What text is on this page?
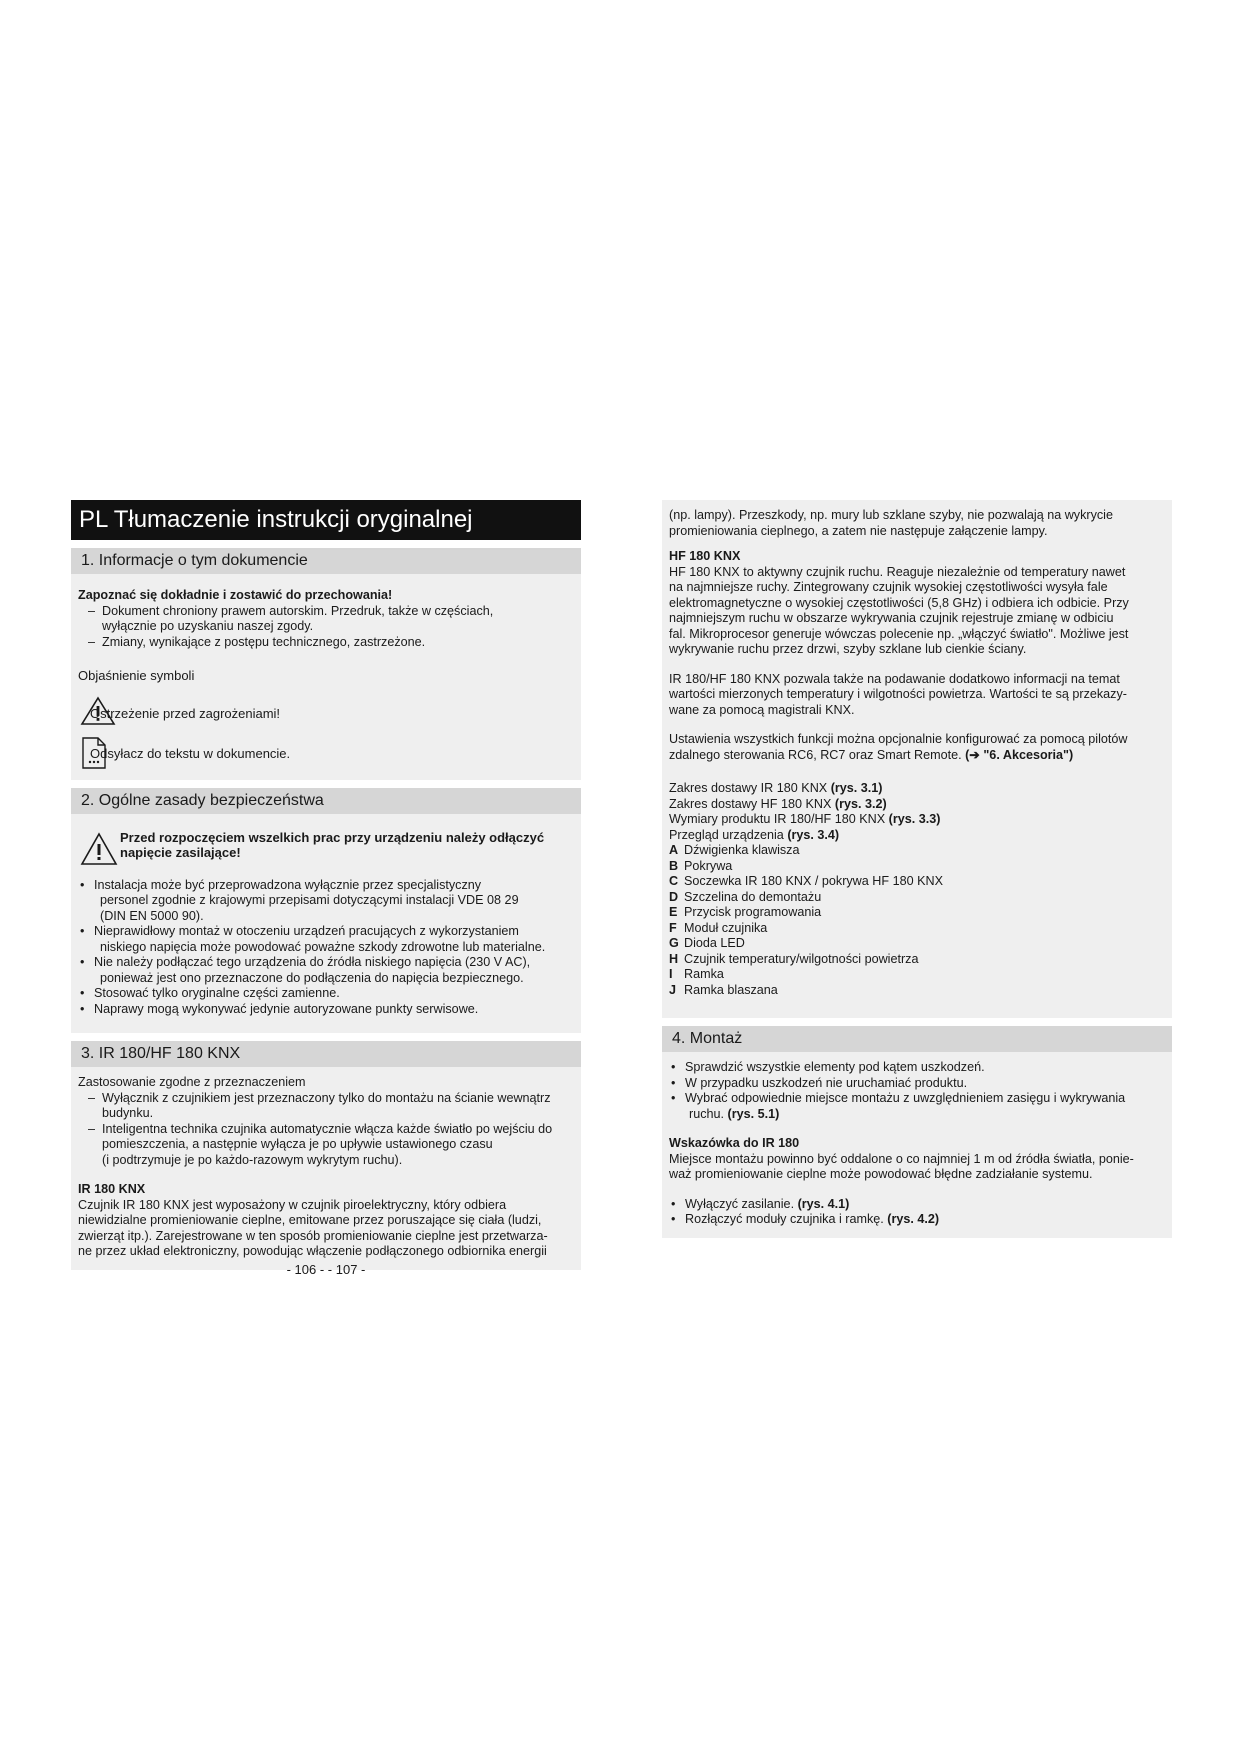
PL Tłumaczenie instrukcji oryginalnej
1. Informacje o tym dokumencie
Zapoznać się dokładnie i zostawić do przechowania!
– Dokument chroniony prawem autorskim. Przedruk, także w częściach,
wyłącznie po uzyskaniu naszej zgody.
– Zmiany, wynikające z postępu technicznego, zastrzeżone.
Objaśnienie symboli
Ostrzeżenie przed zagrożeniami!
Odsyłacz do tekstu w dokumencie.
2. Ogólne zasady bezpieczeństwa
Przed rozpoczęciem wszelkich prac przy urządzeniu należy odłączyć
napięcie zasilające!
• Instalacja może być przeprowadzona wyłącznie przez specjalistyczny
personel zgodnie z krajowymi przepisami dotyczącymi instalacji VDE 08 29
(DIN EN 5000 90).
• Nieprawidłowy montaż w otoczeniu urządzeń pracujących z wykorzystaniem
niskiego napięcia może powodować poważne szkody zdrowotne lub materialne.
• Nie należy podłączać tego urządzenia do źródła niskiego napięcia (230 V AC),
ponieważ jest ono przeznaczone do podłączenia do napięcia bezpiecznego.
• Stosować tylko oryginalne części zamienne.
• Naprawy mogą wykonywać jedynie autoryzowane punkty serwisowe.
3. IR 180/HF 180 KNX
Zastosowanie zgodne z przeznaczeniem
– Wyłącznik z czujnikiem jest przeznaczony tylko do montażu na ścianie wewnątrz
budynku.
– Inteligentna technika czujnika automatycznie włącza każde światło po wejściu do
pomieszczenia, a następnie wyłącza je po upływie ustawionego czasu
(i podtrzymuje je po każdo-razowym wykrytym ruchu).
IR 180 KNX
Czujnik IR 180 KNX jest wyposażony w czujnik piroelektryczny, który odbiera
niewidzialne promieniowanie cieplne, emitowane przez poruszające się ciała (ludzi,
zwierząt itp.). Zarejestrowane w ten sposób promieniowanie cieplne jest przetwarza-
ne przez układ elektroniczny, powodując włączenie podłączonego odbiornika energii
(np. lampy). Przeszkody, np. mury lub szklane szyby, nie pozwalają na wykrycie
promieniowania cieplnego, a zatem nie następuje załączenie lampy.
HF 180 KNX
HF 180 KNX to aktywny czujnik ruchu. Reaguje niezależnie od temperatury nawet
na najmniejsze ruchy. Zintegrowany czujnik wysokiej częstotliwości wysyła fale
elektromagnetyczne o wysokiej częstotliwości (5,8 GHz) i odbiera ich odbicie. Przy
najmniejszym ruchu w obszarze wykrywania czujnik rejestruje zmianę w odbiciu
fal. Mikroprocesor generuje wówczas polecenie np. „włączyć światło". Możliwe jest
wykrywanie ruchu przez drzwi, szyby szklane lub cienkie ściany.
IR 180/HF 180 KNX pozwala także na podawanie dodatkowo informacji na temat
wartości mierzonych temperatury i wilgotności powietrza. Wartości te są przekazy-
wane za pomocą magistrali KNX.
Ustawienia wszystkich funkcji można opcjonalnie konfigurować za pomocą pilotów
zdalnego sterowania RC6, RC7 oraz Smart Remote. (➔ "6. Akcesoria")
Zakres dostawy IR 180 KNX (rys. 3.1)
Zakres dostawy HF 180 KNX (rys. 3.2)
Wymiary produktu IR 180/HF 180 KNX (rys. 3.3)
Przegląd urządzenia (rys. 3.4)
A Dźwigienka klawisza
B Pokrywa
C Soczewka IR 180 KNX / pokrywa HF 180 KNX
D Szczelina do demontażu
E Przycisk programowania
F Moduł czujnika
G Dioda LED
H Czujnik temperatury/wilgotności powietrza
I Ramka
J Ramka blaszana
4. Montaż
• Sprawdzić wszystkie elementy pod kątem uszkodzeń.
• W przypadku uszkodzeń nie uruchamiać produktu.
• Wybrać odpowiednie miejsce montażu z uwzględnieniem zasięgu i wykrywania
ruchu. (rys. 5.1)
Wskazówka do IR 180
Miejsce montażu powinno być oddalone o co najmniej 1 m od źródła światła, ponie-
waż promieniowanie cieplne może powodować błędne zadziałanie systemu.
• Wyłączyć zasilanie. (rys. 4.1)
• Rozłączyć moduły czujnika i ramkę. (rys. 4.2)
- 106 - - 107 -
